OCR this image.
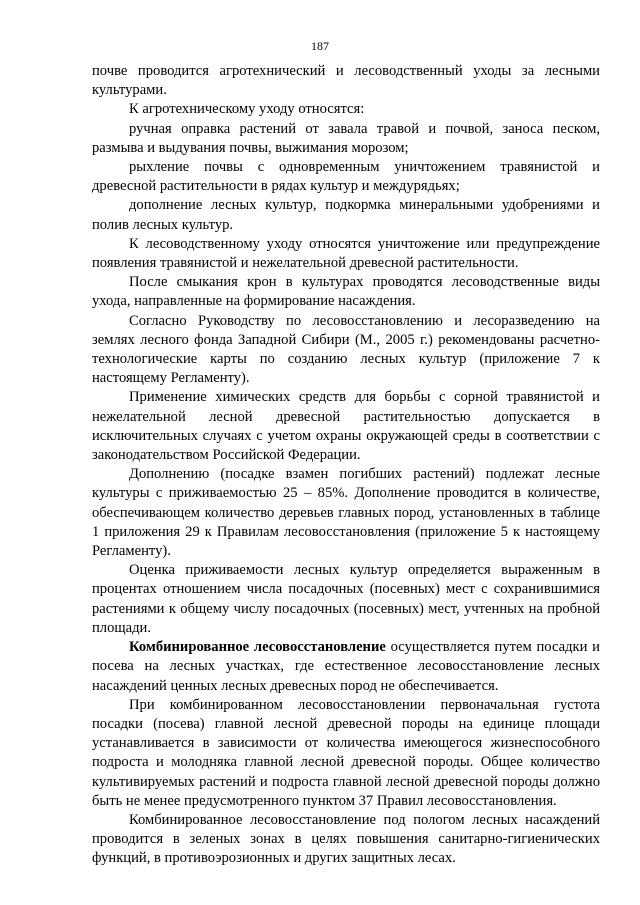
187

почве проводится агротехнический и лесоводственный уходы за лесными культурами.

К агротехническому уходу относятся:

ручная оправка растений от завала травой и почвой, заноса песком, размыва и выдувания почвы, выжимания морозом;

рыхление почвы с одновременным уничтожением травянистой и древесной растительности в рядах культур и междурядьях;

дополнение лесных культур, подкормка минеральными удобрениями и полив лесных культур.

К лесоводственному уходу относятся уничтожение или предупреждение появления травянистой и нежелательной древесной растительности.

После смыкания крон в культурах проводятся лесоводственные виды ухода, направленные на формирование насаждения.

Согласно Руководству по лесовосстановлению и лесоразведению на землях лесного фонда Западной Сибири (М., 2005 г.) рекомендованы расчетно-технологические карты по созданию лесных культур (приложение 7 к настоящему Регламенту).

Применение химических средств для борьбы с сорной травянистой и нежелательной лесной древесной растительностью допускается в исключительных случаях с учетом охраны окружающей среды в соответствии с законодательством Российской Федерации.

Дополнению (посадке взамен погибших растений) подлежат лесные культуры с приживаемостью 25 – 85%. Дополнение проводится в количестве, обеспечивающем количество деревьев главных пород, установленных в таблице 1 приложения 29 к Правилам лесовосстановления (приложение 5 к настоящему Регламенту).

Оценка приживаемости лесных культур определяется выраженным в процентах отношением числа посадочных (посевных) мест с сохранившимися растениями к общему числу посадочных (посевных) мест, учтенных на пробной площади.

Комбинированное лесовосстановление осуществляется путем посадки и посева на лесных участках, где естественное лесовосстановление лесных насаждений ценных лесных древесных пород не обеспечивается.

При комбинированном лесовосстановлении первоначальная густота посадки (посева) главной лесной древесной породы на единице площади устанавливается в зависимости от количества имеющегося жизнеспособного подроста и молодняка главной лесной древесной породы. Общее количество культивируемых растений и подроста главной лесной древесной породы должно быть не менее предусмотренного пунктом 37 Правил лесовосстановления.

Комбинированное лесовосстановление под пологом лесных насаждений проводится в зеленых зонах в целях повышения санитарно-гигиенических функций, в противоэрозионных и других защитных лесах.
